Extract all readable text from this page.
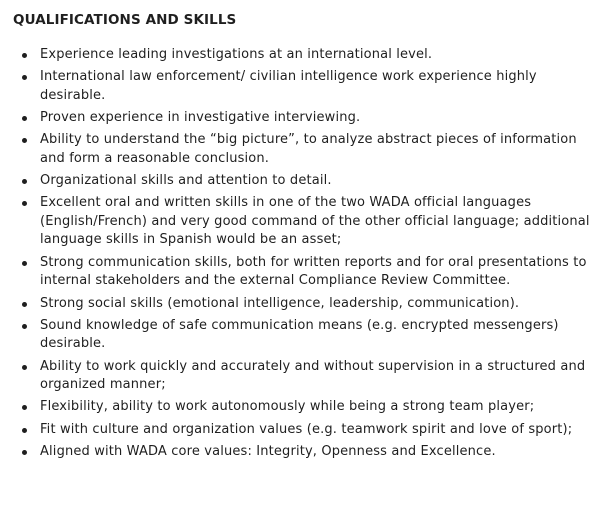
QUALIFICATIONS AND SKILLS
Experience leading investigations at an international level.
International law enforcement/ civilian intelligence work experience highly desirable.
Proven experience in investigative interviewing.
Ability to understand the “big picture”, to analyze abstract pieces of information and form a reasonable conclusion.
Organizational skills and attention to detail.
Excellent oral and written skills in one of the two WADA official languages (English/French) and very good command of the other official language; additional language skills in Spanish would be an asset;
Strong communication skills, both for written reports and for oral presentations to internal stakeholders and the external Compliance Review Committee.
Strong social skills (emotional intelligence, leadership, communication).
Sound knowledge of safe communication means (e.g. encrypted messengers) desirable.
Ability to work quickly and accurately and without supervision in a structured and organized manner;
Flexibility, ability to work autonomously while being a strong team player;
Fit with culture and organization values (e.g. teamwork spirit and love of sport);
Aligned with WADA core values: Integrity, Openness and Excellence.
